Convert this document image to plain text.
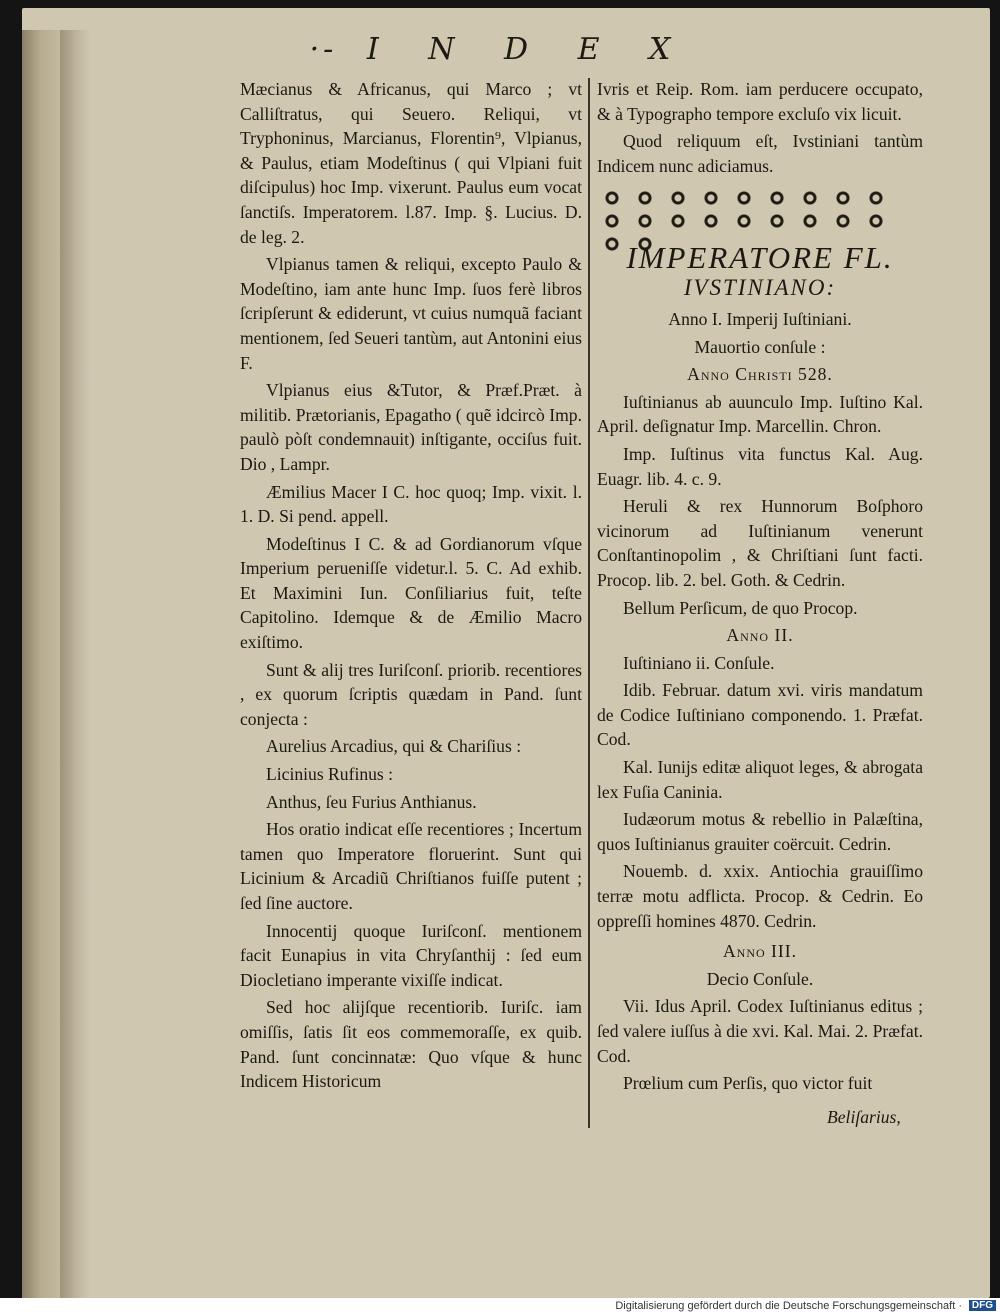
·- I N D E X

Mæcianus & Africanus, qui Marco ; vt Calliſtratus, qui Seuero. Reliqui, vt Tryphoninus, Marcianus, Florentin⁹, Vlpianus, & Paulus, etiam Modeſtinus ( qui Vlpiani fuit diſcipulus) hoc Imp. vixerunt. Paulus eum vocat ſanctiſs. Imperatorem. l.87. Imp. §. Lucius. D. de leg. 2.

Vlpianus tamen & reliqui, excepto Paulo & Modeſtino, iam ante hunc Imp. ſuos ferè libros ſcripſerunt & ediderunt, vt cuius numquã faciant mentionem, ſed Seueri tantùm, aut Antonini eius F.

Vlpianus eius &Tutor, & Præf.Præt. à militib. Prætorianis, Epagatho ( quẽ idcircò Imp. paulò pòſt condemnauit) inſtigante, occiſus fuit. Dio , Lampr.

Æmilius Macer I C. hoc quoq; Imp. vixit. l. 1. D. Si pend. appell.

Modeſtinus I C. & ad Gordianorum vſque Imperium perueniſſe videtur.l. 5. C. Ad exhib. Et Maximini Iun. Conſiliarius fuit, teſte Capitolino. Idemque & de Æmilio Macro exiſtimo.

Sunt & alij tres Iuriſconſ. priorib. recentiores , ex quorum ſcriptis quædam in Pand. ſunt conjecta :

Aurelius Arcadius, qui & Chariſius :

Licinius Rufinus :

Anthus, ſeu Furius Anthianus.

Hos oratio indicat eſſe recentiores ; Incertum tamen quo Imperatore floruerint. Sunt qui Licinium & Arcadiũ Chriſtianos fuiſſe putent ; ſed ſine auctore.

Innocentij quoque Iuriſconſ. mentionem facit Eunapius in vita Chryſanthij : ſed eum Diocletiano imperante vixiſſe indicat.

Sed hoc alijſque recentiorib. Iuriſc. iam omiſſis, ſatis ſit eos commemoraſſe, ex quib. Pand. ſunt concinnatæ: Quo vſque & hunc Indicem Historicum

Ivris et Reip. Rom. iam perducere occupato, & à Typographo tempore excluſo vix licuit.

Quod reliquum eſt, Ivstiniani tantùm Indicem nunc adiciamus.

IMPERATORE FL.
IVSTINIANO:

Anno I. Imperij Iuſtiniani.

Mauortio conſule :

Anno Christi 528.

Iuſtinianus ab auunculo Imp. Iuſtino Kal. April. deſignatur Imp. Marcellin. Chron.

Imp. Iuſtinus vita functus Kal. Aug. Euagr. lib. 4. c. 9.

Heruli & rex Hunnorum Boſphoro vicinorum ad Iuſtinianum venerunt Conſtantinopolim , & Chriſtiani ſunt facti. Procop. lib. 2. bel. Goth. & Cedrin.

Bellum Perſicum, de quo Procop.

Anno II.

Iuſtiniano ii. Conſule.

Idib. Februar. datum xvi. viris mandatum de Codice Iuſtiniano componendo. 1. Præfat. Cod.

Kal. Iunijs editæ aliquot leges, & abrogata lex Fuſia Caninia.

Iudæorum motus & rebellio in Palæſtina, quos Iuſtinianus grauiter coërcuit. Cedrin.

Nouemb. d. xxix. Antiochia grauiſſimo terræ motu adflicta. Procop. & Cedrin. Eo oppreſſi homines 4870. Cedrin.

Anno III.

Decio Conſule.

Vii. Idus April. Codex Iuſtinianus editus ; ſed valere iuſſus à die xvi. Kal. Mai. 2. Præfat. Cod.

Prœlium cum Perſis, quo victor fuit

Beliſarius,
Digitalisierung gefördert durch die Deutsche Forschungsgemeinschaft · DFG
